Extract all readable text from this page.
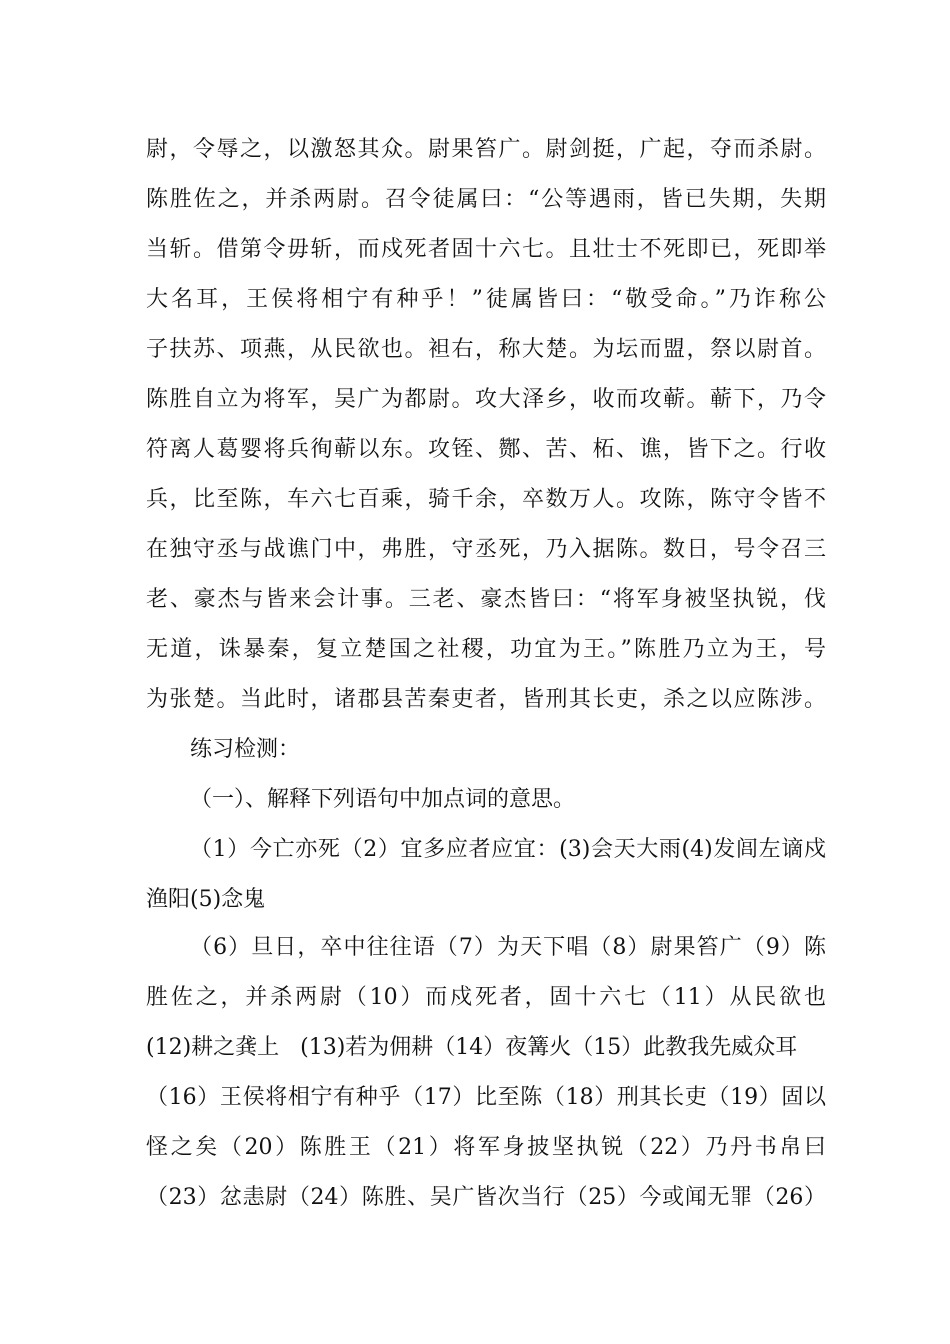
尉，令辱之，以激怒其众。尉果笞广。尉剑挺，广起，夺而杀尉。
陈胜佐之，并杀两尉。召令徒属曰：“公等遇雨，皆已失期，失期
当斩。借第令毋斩，而戍死者固十六七。且壮士不死即已，死即举
大名耳，王侯将相宁有种乎！”徒属皆曰：“敬受命。”乃诈称公
子扶苏、项燕，从民欲也。袒右，称大楚。为坛而盟，祭以尉首。
陈胜自立为将军，吴广为都尉。攻大泽乡，收而攻蕲。蕲下，乃令
符离人葛婴将兵徇蕲以东。攻铚、酂、苦、柘、谯，皆下之。行收
兵，比至陈，车六七百乘，骑千余，卒数万人。攻陈，陈守令皆不
在独守丞与战谯门中，弗胜，守丞死，乃入据陈。数日，号令召三
老、豪杰与皆来会计事。三老、豪杰皆曰：“将军身被坚执锐，伐
无道，诛暴秦，复立楚国之社稷，功宜为王。”陈胜乃立为王，号
为张楚。当此时，诸郡县苦秦吏者，皆刑其长吏，杀之以应陈涉。
练习检测：
（一）、解释下列语句中加点词的意思。
（1）今亡亦死（2）宜多应者应宜：(3)会天大雨(4)发闾左谪戍
渔阳(5)念鬼
（6）旦日，卒中往往语（7）为天下唱（8）尉果笞广（9）陈
胜佐之，并杀两尉（10）而戍死者，固十六七（11）从民欲也
(12)耕之龚上   (13)若为佣耕（14）夜篝火（15）此教我先威众耳
（16）王侯将相宁有种乎（17）比至陈（18）刑其长吏（19）固以
怪之矣（20）陈胜王（21）将军身披坚执锐（22）乃丹书帛曰
（23）忿恚尉（24）陈胜、吴广皆次当行（25）今或闻无罪（26）
